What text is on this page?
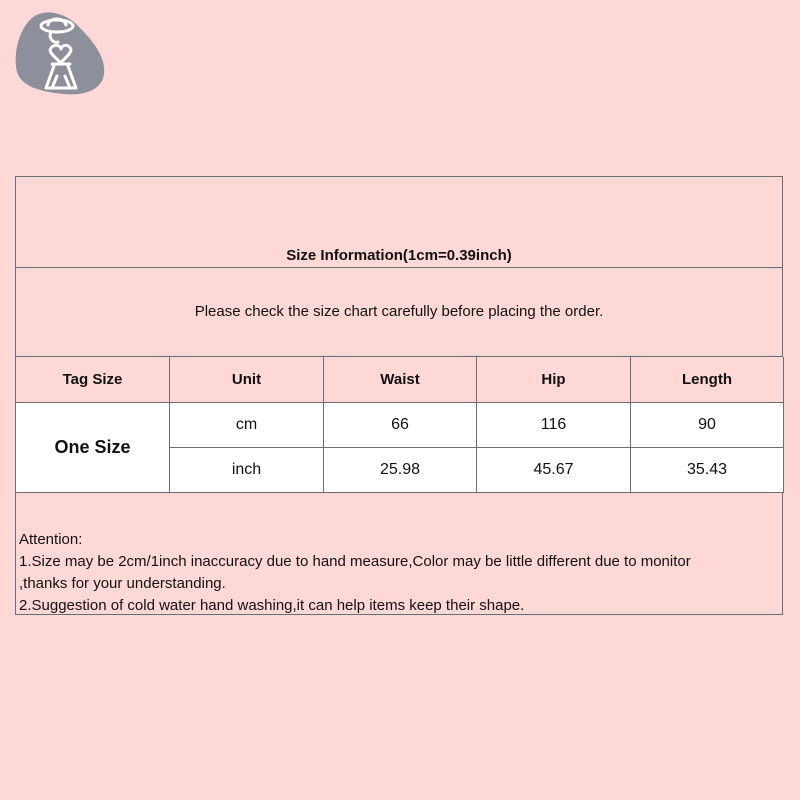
Size Information(1cm=0.39inch)
Please check the size chart carefully before placing the order.
Tag Size	Unit	Waist	Hip	Length
One Size
cm	66	116	90
inch	25.98	45.67	35.43
Attention:
1.Size may be 2cm/1inch inaccuracy due to hand measure,Color may be little different due to monitor
,thanks for your understanding.
2.Suggestion of cold water hand washing,it can help items keep their shape.
